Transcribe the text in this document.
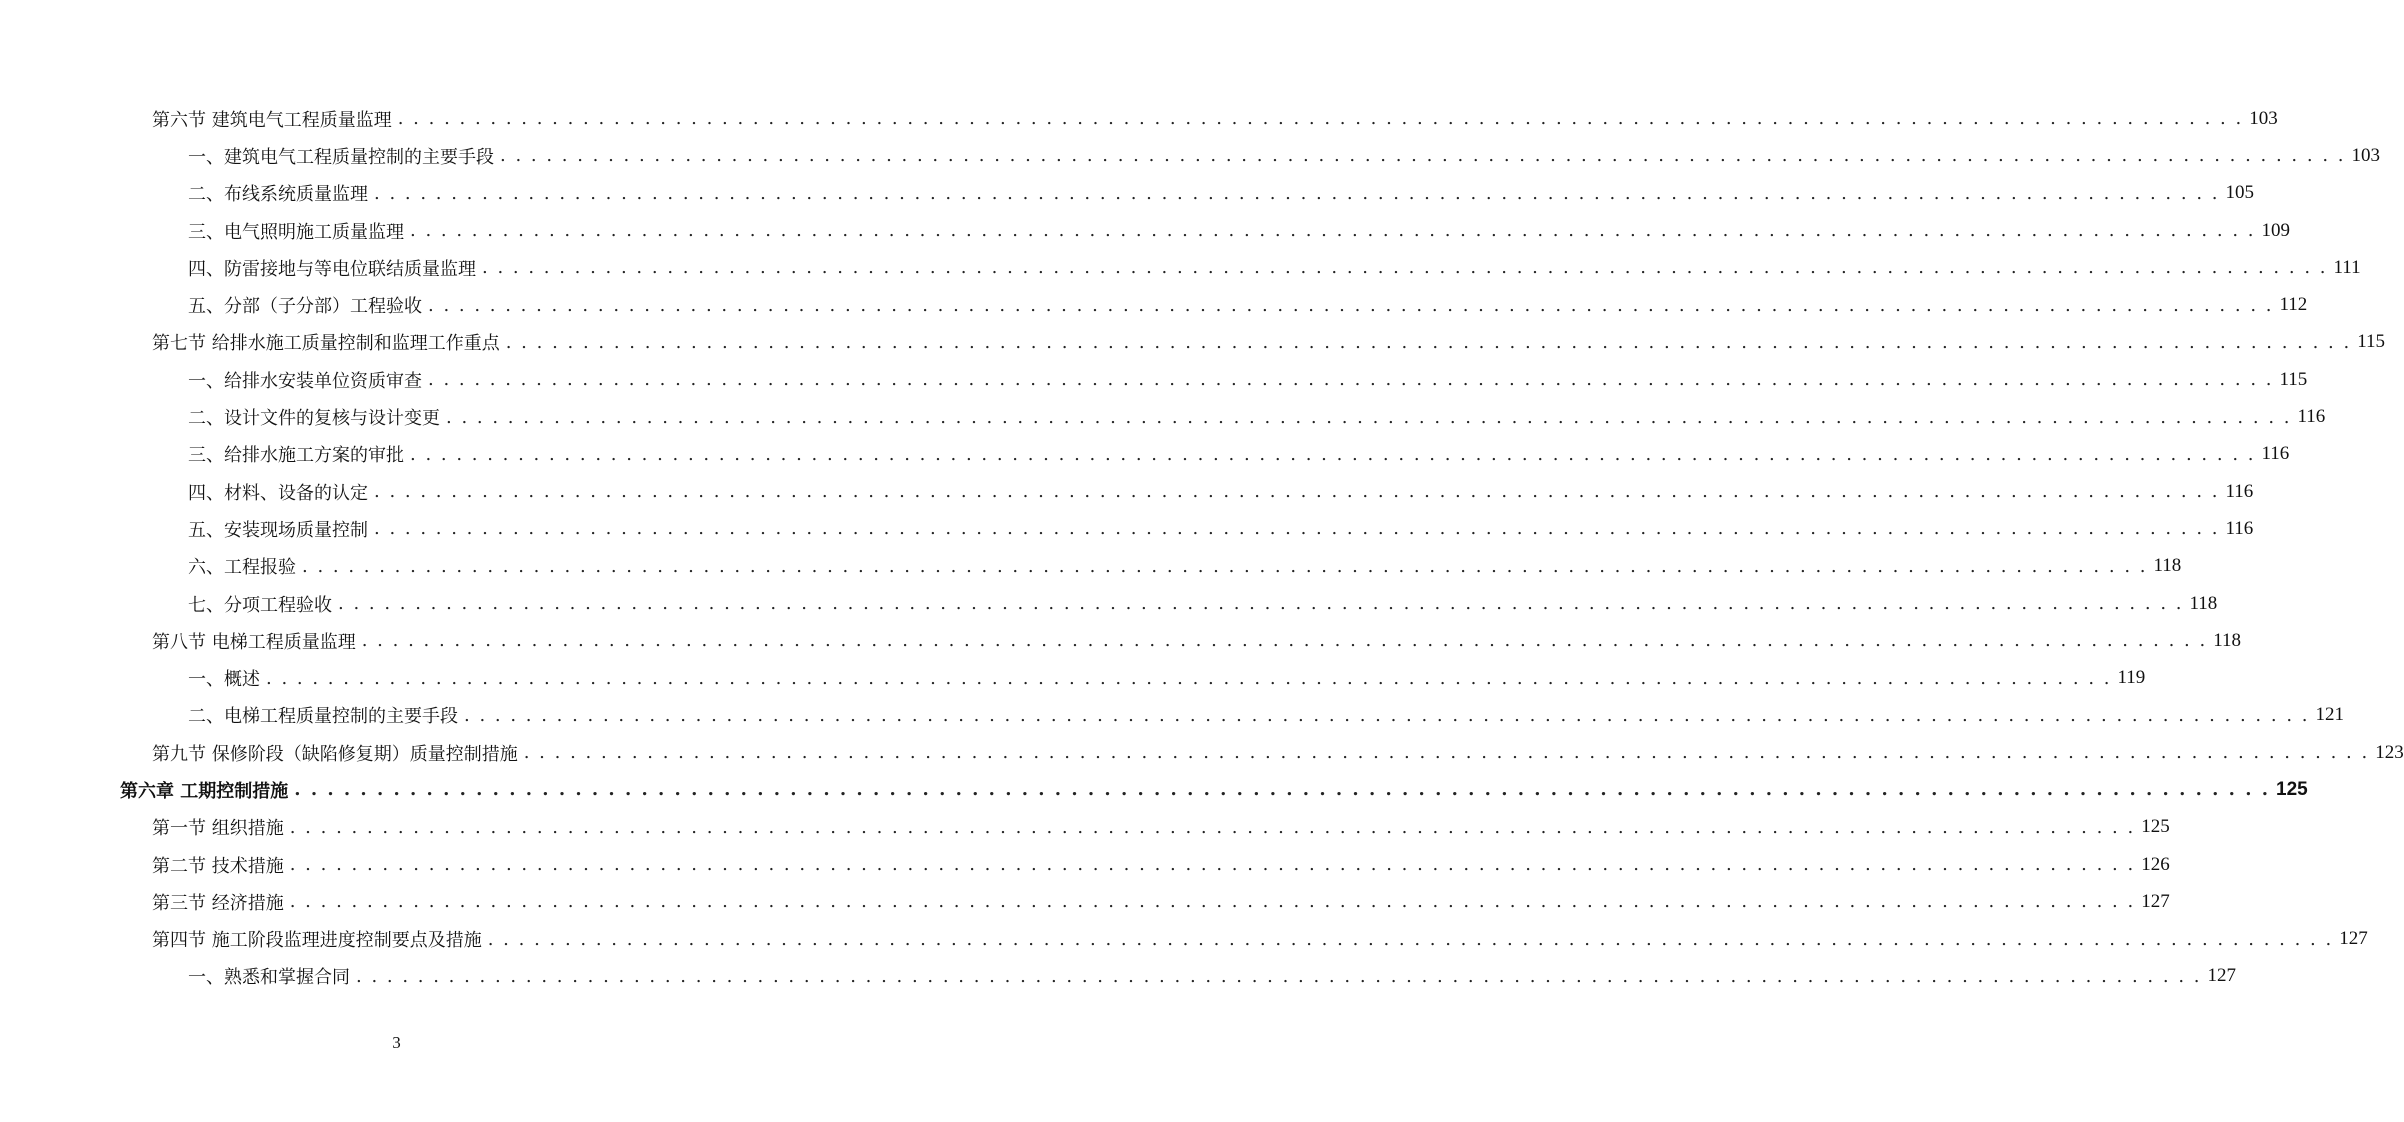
第六节 建筑电气工程质量监理 . . . . . . . . . . . . . . . . . . . . . . . . . . . . . . . . . . . . . . . . . . . . . . . . . . . . . . . . . . . . . . . . . . . . . . . . . . . . . . . . . . . . . . . . . . . . . . . . . . . . . . . . . . . . . . . . . . . . . . . . 103
一、建筑电气工程质量控制的主要手段 . . . . . . . . . . . . . . . . . . . . . . . . . . . . . . . . . . . . . . . . . . . . . . . . . . . . . . . . . . . . . . . . . . . . . . . . . . . . . . . . . . . . . . . . . . . . . . . . . . . . . . . . . . . . . . . . . . . . . . . . 103
二、布线系统质量监理 . . . . . . . . . . . . . . . . . . . . . . . . . . . . . . . . . . . . . . . . . . . . . . . . . . . . . . . . . . . . . . . . . . . . . . . . . . . . . . . . . . . . . . . . . . . . . . . . . . . . . . . . . . . . . . . . . . . . . . . . 105
三、电气照明施工质量监理 . . . . . . . . . . . . . . . . . . . . . . . . . . . . . . . . . . . . . . . . . . . . . . . . . . . . . . . . . . . . . . . . . . . . . . . . . . . . . . . . . . . . . . . . . . . . . . . . . . . . . . . . . . . . . . . . . . . . . . . . 109
四、防雷接地与等电位联结质量监理 . . . . . . . . . . . . . . . . . . . . . . . . . . . . . . . . . . . . . . . . . . . . . . . . . . . . . . . . . . . . . . . . . . . . . . . . . . . . . . . . . . . . . . . . . . . . . . . . . . . . . . . . . . . . . . . . . . . . . . . . 111
五、分部（子分部）工程验收 . . . . . . . . . . . . . . . . . . . . . . . . . . . . . . . . . . . . . . . . . . . . . . . . . . . . . . . . . . . . . . . . . . . . . . . . . . . . . . . . . . . . . . . . . . . . . . . . . . . . . . . . . . . . . . . . . . . . . . . . 112
第七节 给排水施工质量控制和监理工作重点 . . . . . . . . . . . . . . . . . . . . . . . . . . . . . . . . . . . . . . . . . . . . . . . . . . . . . . . . . . . . . . . . . . . . . . . . . . . . . . . . . . . . . . . . . . . . . . . . . . . . . . . . . . . . . . . . . . . . . . . . 115
一、给排水安装单位资质审查 . . . . . . . . . . . . . . . . . . . . . . . . . . . . . . . . . . . . . . . . . . . . . . . . . . . . . . . . . . . . . . . . . . . . . . . . . . . . . . . . . . . . . . . . . . . . . . . . . . . . . . . . . . . . . . . . . . . . . . . . 115
二、设计文件的复核与设计变更 . . . . . . . . . . . . . . . . . . . . . . . . . . . . . . . . . . . . . . . . . . . . . . . . . . . . . . . . . . . . . . . . . . . . . . . . . . . . . . . . . . . . . . . . . . . . . . . . . . . . . . . . . . . . . . . . . . . . . . . . 116
三、给排水施工方案的审批 . . . . . . . . . . . . . . . . . . . . . . . . . . . . . . . . . . . . . . . . . . . . . . . . . . . . . . . . . . . . . . . . . . . . . . . . . . . . . . . . . . . . . . . . . . . . . . . . . . . . . . . . . . . . . . . . . . . . . . . . 116
四、材料、设备的认定 . . . . . . . . . . . . . . . . . . . . . . . . . . . . . . . . . . . . . . . . . . . . . . . . . . . . . . . . . . . . . . . . . . . . . . . . . . . . . . . . . . . . . . . . . . . . . . . . . . . . . . . . . . . . . . . . . . . . . . . . 116
五、安装现场质量控制 . . . . . . . . . . . . . . . . . . . . . . . . . . . . . . . . . . . . . . . . . . . . . . . . . . . . . . . . . . . . . . . . . . . . . . . . . . . . . . . . . . . . . . . . . . . . . . . . . . . . . . . . . . . . . . . . . . . . . . . . 116
六、工程报验 . . . . . . . . . . . . . . . . . . . . . . . . . . . . . . . . . . . . . . . . . . . . . . . . . . . . . . . . . . . . . . . . . . . . . . . . . . . . . . . . . . . . . . . . . . . . . . . . . . . . . . . . . . . . . . . . . . . . . . . . 118
七、分项工程验收 . . . . . . . . . . . . . . . . . . . . . . . . . . . . . . . . . . . . . . . . . . . . . . . . . . . . . . . . . . . . . . . . . . . . . . . . . . . . . . . . . . . . . . . . . . . . . . . . . . . . . . . . . . . . . . . . . . . . . . . . 118
第八节 电梯工程质量监理 . . . . . . . . . . . . . . . . . . . . . . . . . . . . . . . . . . . . . . . . . . . . . . . . . . . . . . . . . . . . . . . . . . . . . . . . . . . . . . . . . . . . . . . . . . . . . . . . . . . . . . . . . . . . . . . . . . . . . . . . 118
一、概述 . . . . . . . . . . . . . . . . . . . . . . . . . . . . . . . . . . . . . . . . . . . . . . . . . . . . . . . . . . . . . . . . . . . . . . . . . . . . . . . . . . . . . . . . . . . . . . . . . . . . . . . . . . . . . . . . . . . . . . . . 119
二、电梯工程质量控制的主要手段 . . . . . . . . . . . . . . . . . . . . . . . . . . . . . . . . . . . . . . . . . . . . . . . . . . . . . . . . . . . . . . . . . . . . . . . . . . . . . . . . . . . . . . . . . . . . . . . . . . . . . . . . . . . . . . . . . . . . . . . . 121
第九节 保修阶段（缺陷修复期）质量控制措施 . . . . . . . . . . . . . . . . . . . . . . . . . . . . . . . . . . . . . . . . . . . . . . . . . . . . . . . . . . . . . . . . . . . . . . . . . . . . . . . . . . . . . . . . . . . . . . . . . . . . . . . . . . . . . . . . . . . . . . . . 123
第六章 工期控制措施 . . . . . . . . . . . . . . . . . . . . . . . . . . . . . . . . . . . . . . . . . . . . . . . . . . . . . . . . . . . . . . . . . . . . . . . . . . . . . . . . . . . . . . . . . . . . . . . . . . . . . . . . . . . . . . . . . . . . . . . . 125
第一节 组织措施 . . . . . . . . . . . . . . . . . . . . . . . . . . . . . . . . . . . . . . . . . . . . . . . . . . . . . . . . . . . . . . . . . . . . . . . . . . . . . . . . . . . . . . . . . . . . . . . . . . . . . . . . . . . . . . . . . . . . . . . . 125
第二节 技术措施 . . . . . . . . . . . . . . . . . . . . . . . . . . . . . . . . . . . . . . . . . . . . . . . . . . . . . . . . . . . . . . . . . . . . . . . . . . . . . . . . . . . . . . . . . . . . . . . . . . . . . . . . . . . . . . . . . . . . . . . . 126
第三节 经济措施 . . . . . . . . . . . . . . . . . . . . . . . . . . . . . . . . . . . . . . . . . . . . . . . . . . . . . . . . . . . . . . . . . . . . . . . . . . . . . . . . . . . . . . . . . . . . . . . . . . . . . . . . . . . . . . . . . . . . . . . . 127
第四节 施工阶段监理进度控制要点及措施 . . . . . . . . . . . . . . . . . . . . . . . . . . . . . . . . . . . . . . . . . . . . . . . . . . . . . . . . . . . . . . . . . . . . . . . . . . . . . . . . . . . . . . . . . . . . . . . . . . . . . . . . . . . . . . . . . . . . . . . . 127
一、熟悉和掌握合同 . . . . . . . . . . . . . . . . . . . . . . . . . . . . . . . . . . . . . . . . . . . . . . . . . . . . . . . . . . . . . . . . . . . . . . . . . . . . . . . . . . . . . . . . . . . . . . . . . . . . . . . . . . . . . . . . . . . . . . . . 127
3
